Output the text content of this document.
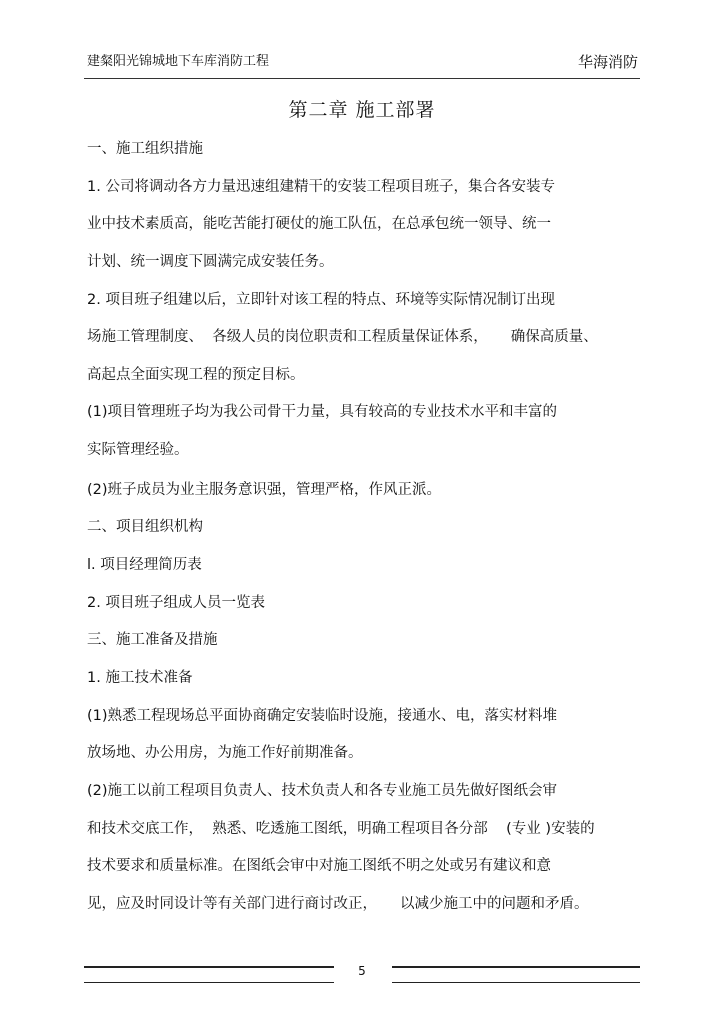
建粲阳光锦城地下车库消防工程	华海消防
第二章 施工部署
一、施工组织措施
1. 公司将调动各方力量迅速组建精干的安装工程项目班子，集合各安装专
业中技术素质高，能吃苦能打硬仗的施工队伍，在总承包统一领导、统一
计划、统一调度下圆满完成安装任务。
2. 项目班子组建以后，立即针对该工程的特点、环境等实际情况制订出现
场施工管理制度、  各级人员的岗位职责和工程质量保证体系，     确保高质量、
高起点全面实现工程的预定目标。
(1)项目管理班子均为我公司骨干力量，具有较高的专业技术水平和丰富的
实际管理经验。
(2)班子成员为业主服务意识强，管理严格，作风正派。
二、项目组织机构
l. 项目经理简历表
2. 项目班子组成人员一览表
三、施工准备及措施
1. 施工技术准备
(1)熟悉工程现场总平面协商确定安装临时设施，接通水、电，落实材料堆
放场地、办公用房，为施工作好前期准备。
(2)施工以前工程项目负责人、技术负责人和各专业施工员先做好图纸会审
和技术交底工作，  熟悉、吃透施工图纸，明确工程项目各分部    (专业 )安装的
技术要求和质量标准。在图纸会审中对施工图纸不明之处或另有建议和意
见，应及时同设计等有关部门进行商讨改正，     以减少施工中的问题和矛盾。
5
